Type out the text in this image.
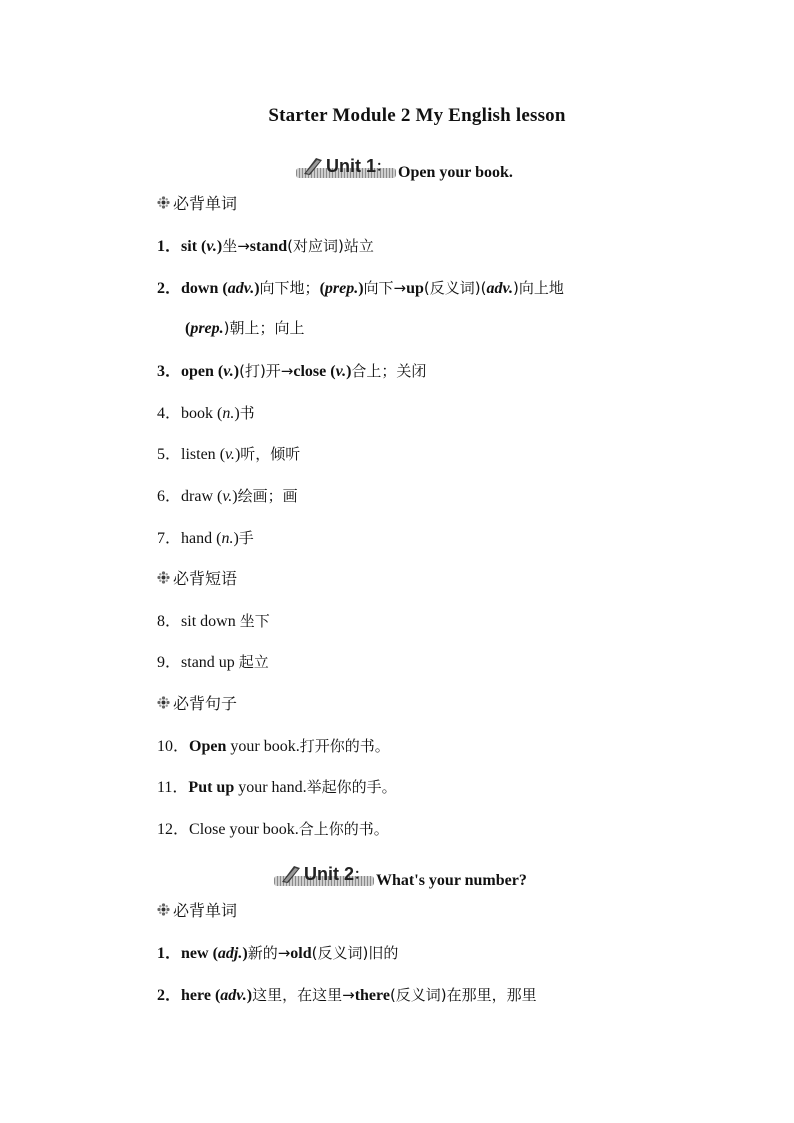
Starter Module 2 My English lesson
Unit 1 ： Open your book.
必背单词
1．sit (v.)坐→stand(对应词)站立
2．down (adv.)向下地；(prep.)向下→up(反义词)(adv.)向上地
(prep.)朝上；向上
3．open (v.)(打)开→close (v.)合上；关闭
4．book (n.)书
5．listen (v.)听，倾听
6．draw (v.)绘画；画
7．hand (n.)手
必背短语
8．sit down 坐下
9．stand up 起立
必背句子
10．Open your book.打开你的书。
11．Put up your hand.举起你的手。
12．Close your book.合上你的书。
Unit 2 ： What's your number?
必背单词
1．new (adj.)新的→old(反义词)旧的
2．here (adv.)这里，在这里→there(反义词)在那里，那里
